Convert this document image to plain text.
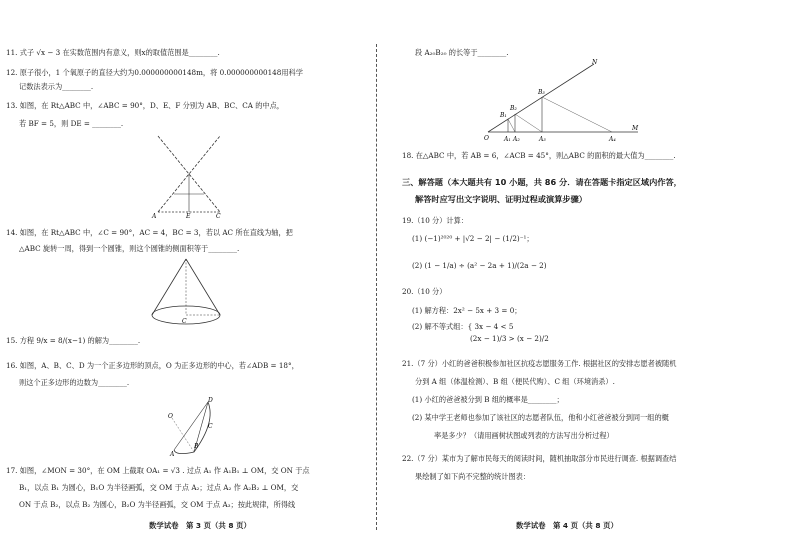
11. 式子 √x − 3 在实数范围内有意义，则x的取值范围是________.
12. 原子很小，1 个氧原子的直径大约为0.000000000148m，将 0.000000000148用科学
记数法表示为________.
13. 如图，在 Rt△ABC 中，∠ABC = 90°，D、E、F 分别为 AB、BC、CA 的中点，
若 BF = 5，则 DE = ________.
A	E	C
14. 如图，在 Rt△ABC 中，∠C = 90°，AC = 4，BC = 3，若以 AC 所在直线为轴，把
△ABC 旋转一周，得到一个圆锥，则这个圆锥的侧面积等于________.
C
15. 方程 9/x = 8/(x−1) 的解为________.
16. 如图，A、B、C、D 为一个正多边形的顶点，O 为正多边形的中心，若∠ADB = 18°，
则这个正多边形的边数为________.
O
D
C
B
A
17. 如图，∠MON = 30°，在 OM 上截取 OA₁ = √3 . 过点 A₁ 作 A₁B₁ ⊥ OM，交 ON 于点
B₁，以点 B₁ 为圆心，B₁O 为半径画弧，交 OM 于点 A₂；过点 A₂ 作 A₂B₂ ⊥ OM，交
ON 于点 B₂，以点 B₂ 为圆心，B₂O 为半径画弧，交 OM 于点 A₃；按此规律，所得线
数学试卷　第 3 页（共 8 页）
段 A₂₀B₂₀ 的长等于________.
N
M
O
B₁
B₂
B₃
A₁ A₂	A₃	A₄
18. 在△ABC 中，若 AB = 6，∠ACB = 45°，则△ABC 的面积的最大值为________.
三、解答题（本大题共有 10 小题，共 86 分．请在答题卡指定区域内作答，
解答时应写出文字说明、证明过程或演算步骤）
19.（10 分）计算：
(1) (−1)²⁰²⁰ + |√2 − 2| − (1/2)⁻¹；
(2) (1 − 1/a) ÷ (a² − 2a + 1)/(2a − 2)
20.（10 分）
(1) 解方程：2x² − 5x + 3 = 0；
(2) 解不等式组：{ 3x − 4 < 5
(2x − 1)/3 > (x − 2)/2
21.（7 分）小红的爸爸积极参加社区抗疫志愿服务工作. 根据社区的安排志愿者被随机
分到 A 组（体温检测）、B 组（便民代购）、C 组（环境消杀）.
(1) 小红的爸爸被分到 B 组的概率是________；
(2) 某中学王老师也参加了该社区的志愿者队伍，他和小红爸爸被分到同一组的概
率是多少？（请用画树状图或列表的方法写出分析过程）
22.（7 分）某市为了解市民每天的阅读时间，随机抽取部分市民进行调查. 根据调查结
果绘制了如下尚不完整的统计图表：
数学试卷　第 4 页（共 8 页）
